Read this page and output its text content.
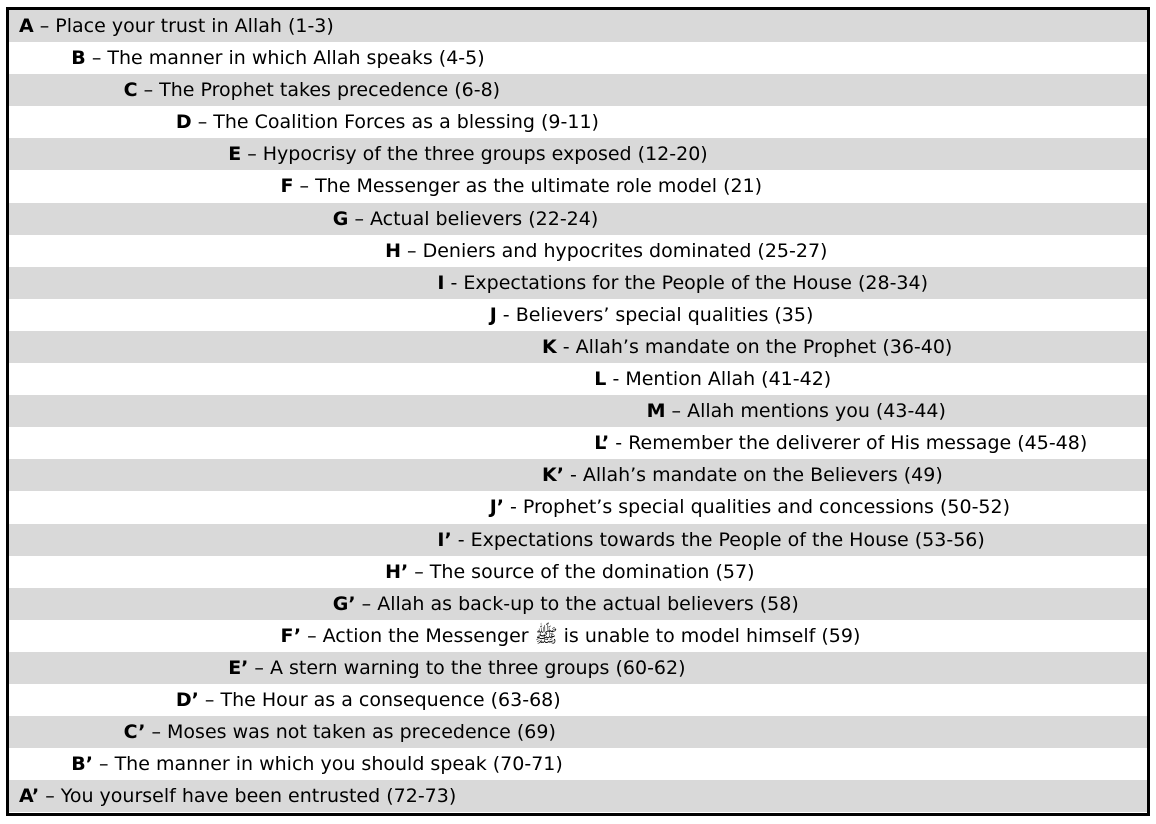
A – Place your trust in Allah (1-3)
B – The manner in which Allah speaks (4-5)
C – The Prophet takes precedence (6-8)
D – The Coalition Forces as a blessing (9-11)
E – Hypocrisy of the three groups exposed (12-20)
F – The Messenger as the ultimate role model (21)
G – Actual believers (22-24)
H – Deniers and hypocrites dominated (25-27)
I - Expectations for the People of the House (28-34)
J - Believers’ special qualities (35)
K - Allah’s mandate on the Prophet (36-40)
L - Mention Allah (41-42)
M – Allah mentions you (43-44)
L’ - Remember the deliverer of His message (45-48)
K’ - Allah’s mandate on the Believers (49)
J’ - Prophet’s special qualities and concessions (50-52)
I’ - Expectations towards the People of the House (53-56)
H’ – The source of the domination (57)
G’ – Allah as back-up to the actual believers (58)
F’ – Action the Messenger ﷺ is unable to model himself (59)
E’ – A stern warning to the three groups (60-62)
D’ – The Hour as a consequence (63-68)
C’ – Moses was not taken as precedence (69)
B’ – The manner in which you should speak (70-71)
A’ – You yourself have been entrusted (72-73)
